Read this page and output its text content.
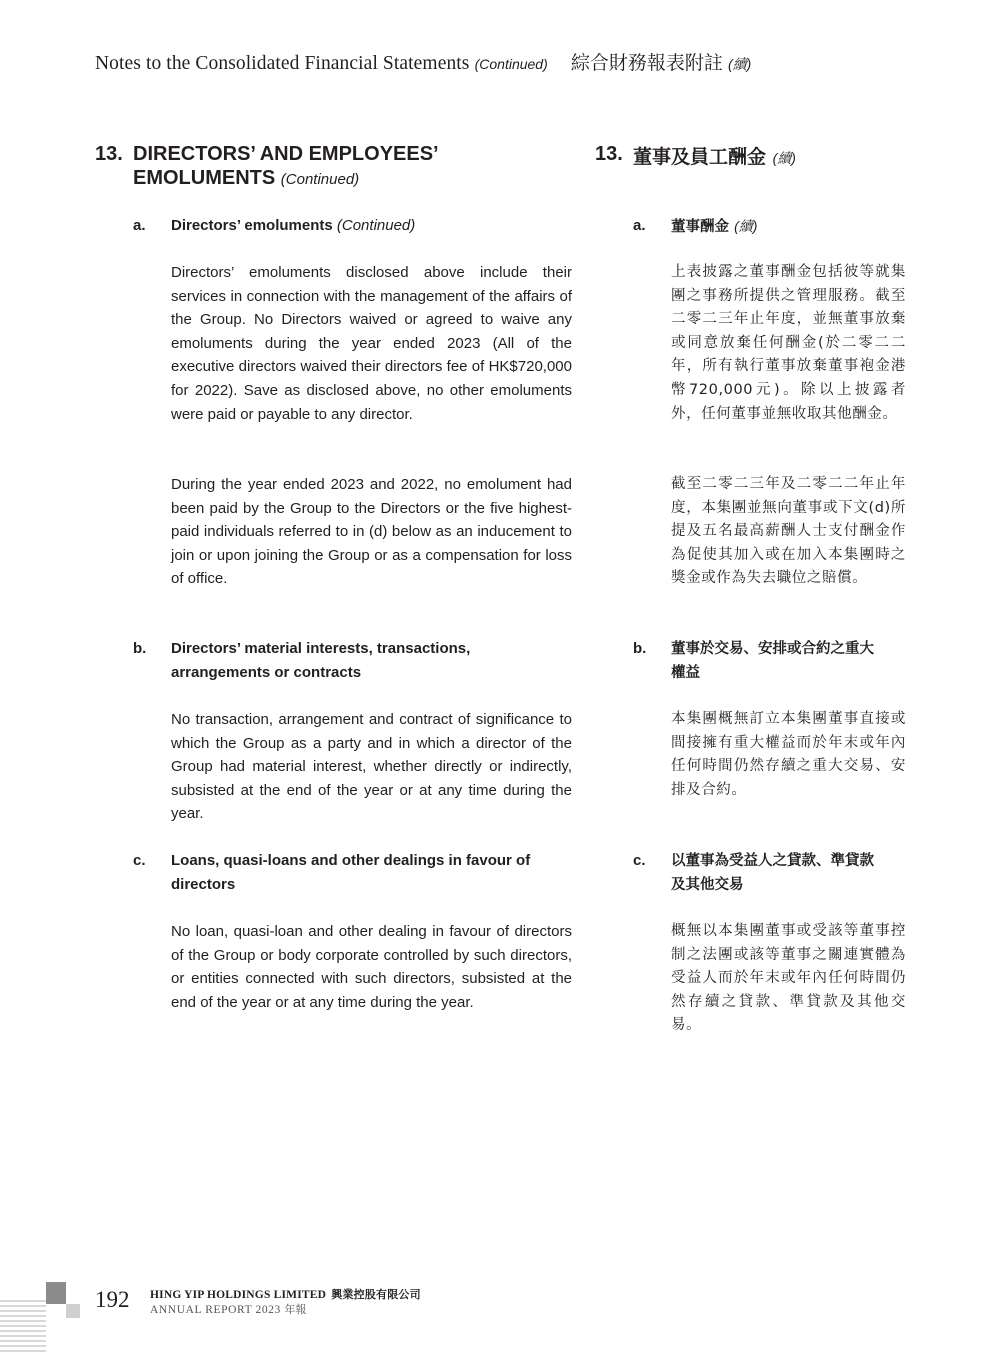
Notes to the Consolidated Financial Statements (Continued) 綜合財務報表附註 (續)
13. DIRECTORS’ AND EMPLOYEES’
EMOLUMENTS (Continued)
13. 董事及員工酬金 (續)
a. Directors’ emoluments (Continued)	a. 董事酬金 (續)
Directors’ emoluments disclosed above include their services in connection with the management of the affairs of the Group. No Directors waived or agreed to waive any emoluments during the year ended 2023 (All of the executive directors waived their directors fee of HK$720,000 for 2022). Save as disclosed above, no other emoluments were paid or payable to any director.
上表披露之董事酬金包括彼等就集團之事務所提供之管理服務。截至二零二三年止年度，並無董事放棄或同意放棄任何酬金(於二零二二年，所有執行董事放棄董事袍金港幣720,000元)。除以上披露者外，任何董事並無收取其他酬金。
During the year ended 2023 and 2022, no emolument had been paid by the Group to the Directors or the five highest-paid individuals referred to in (d) below as an inducement to join or upon joining the Group or as a compensation for loss of office.
截至二零二三年及二零二二年止年度，本集團並無向董事或下文(d)所提及五名最高薪酬人士支付酬金作為促使其加入或在加入本集團時之獎金或作為失去職位之賠償。
b. Directors’ material interests, transactions,
arrangements or contracts
b. 董事於交易、安排或合約之重大
權益
No transaction, arrangement and contract of significance to which the Group as a party and in which a director of the Group had material interest, whether directly or indirectly, subsisted at the end of the year or at any time during the year.
本集團概無訂立本集團董事直接或間接擁有重大權益而於年末或年內任何時間仍然存續之重大交易、安排及合約。
c. Loans, quasi-loans and other dealings in favour of
directors
c. 以董事為受益人之貸款、準貸款
及其他交易
No loan, quasi-loan and other dealing in favour of directors of the Group or body corporate controlled by such directors, or entities connected with such directors, subsisted at the end of the year or at any time during the year.
概無以本集團董事或受該等董事控制之法團或該等董事之關連實體為受益人而於年末或年內任何時間仍然存續之貸款、準貸款及其他交易。
192 HING YIP HOLDINGS LIMITED 興業控股有限公司
ANNUAL REPORT 2023 年報
